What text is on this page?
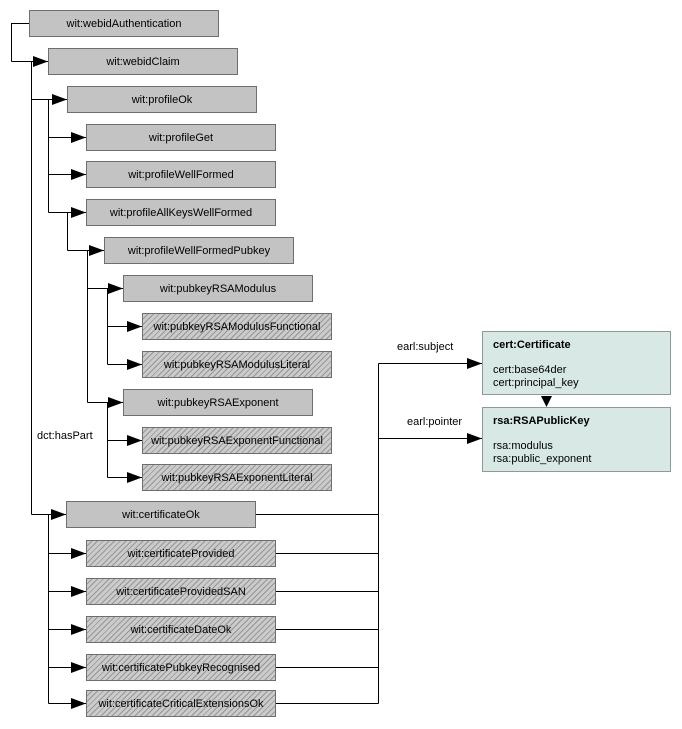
wit:webidAuthentication
wit:webidClaim
wit:profileOk
wit:profileGet
wit:profileWellFormed
wit:profileAllKeysWellFormed
wit:profileWellFormedPubkey
wit:pubkeyRSAModulus
wit:pubkeyRSAModulusFunctional
wit:pubkeyRSAModulusLiteral
wit:pubkeyRSAExponent
wit:pubkeyRSAExponentFunctional
wit:pubkeyRSAExponentLiteral
wit:certificateOk
wit:certificateProvided
wit:certificateProvidedSAN
wit:certificateDateOk
wit:certificatePubkeyRecognised
wit:certificateCriticalExtensionsOk
dct:hasPart
earl:subject
earl:pointer
cert:Certificate
cert:base64der
cert:principal_key
rsa:RSAPublicKey
rsa:modulus
rsa:public_exponent
